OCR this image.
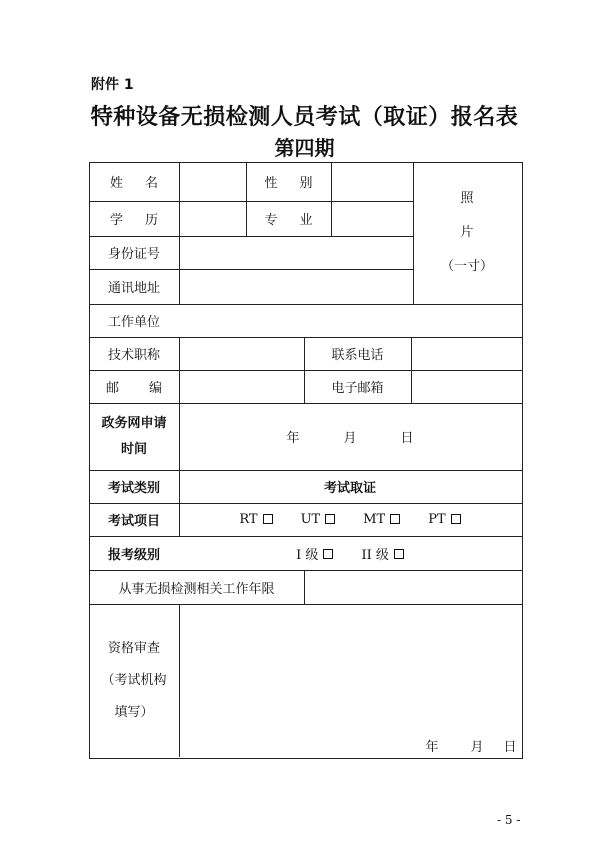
附件 1
特种设备无损检测人员考试（取证）报名表
第四期
姓名	性别
学历	专业
照
片
（一寸）
身份证号
通讯地址
工作单位
技术职称	联系电话
邮编	电子邮箱
政务网申请
时间
年	月	日
考试类别	考试取证
考试项目	RT	UT	MT	PT
报考级别	I 级	II 级
从事无损检测相关工作年限
资格审查
（考试机构
填写）
年 月 日
- 5 -
